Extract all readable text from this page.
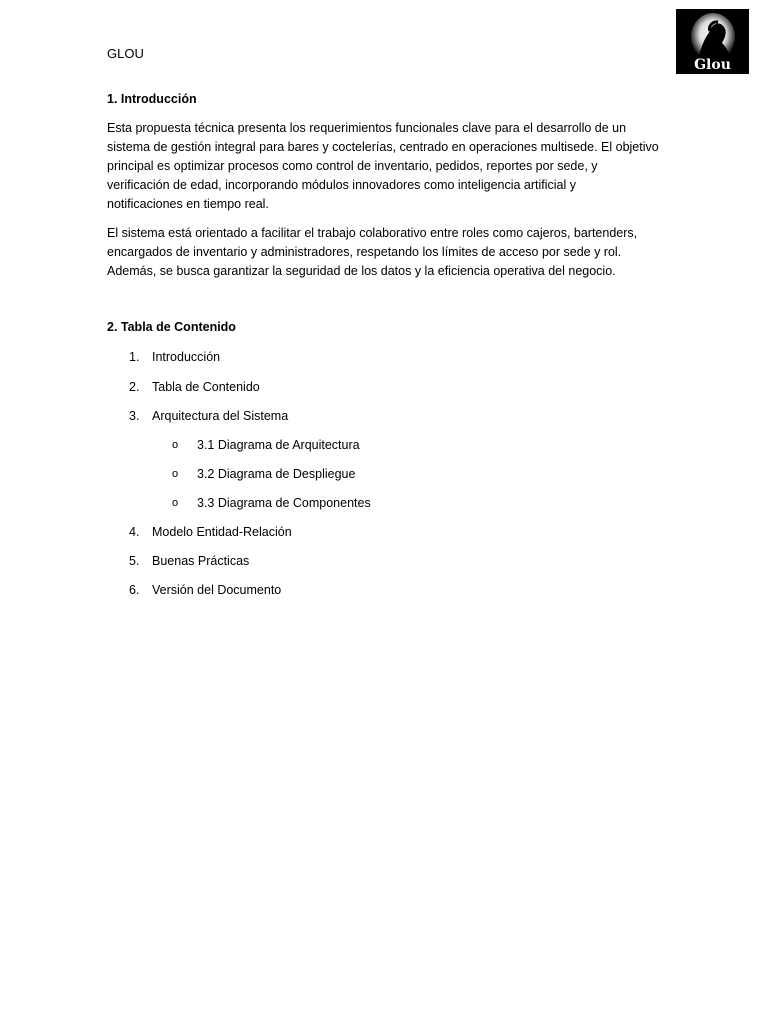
GLOU
Glou
1. Introducción
Esta propuesta técnica presenta los requerimientos funcionales clave para el desarrollo de un
sistema de gestión integral para bares y coctelerías, centrado en operaciones multisede. El objetivo
principal es optimizar procesos como control de inventario, pedidos, reportes por sede, y
verificación de edad, incorporando módulos innovadores como inteligencia artificial y
notificaciones en tiempo real.
El sistema está orientado a facilitar el trabajo colaborativo entre roles como cajeros, bartenders,
encargados de inventario y administradores, respetando los límites de acceso por sede y rol.
Además, se busca garantizar la seguridad de los datos y la eficiencia operativa del negocio.
2. Tabla de Contenido
1.	Introducción
2.	Tabla de Contenido
3.	Arquitectura del Sistema
o 3.1 Diagrama de Arquitectura
o 3.2 Diagrama de Despliegue
o 3.3 Diagrama de Componentes
4.	Modelo Entidad-Relación
5.	Buenas Prácticas
6.	Versión del Documento
